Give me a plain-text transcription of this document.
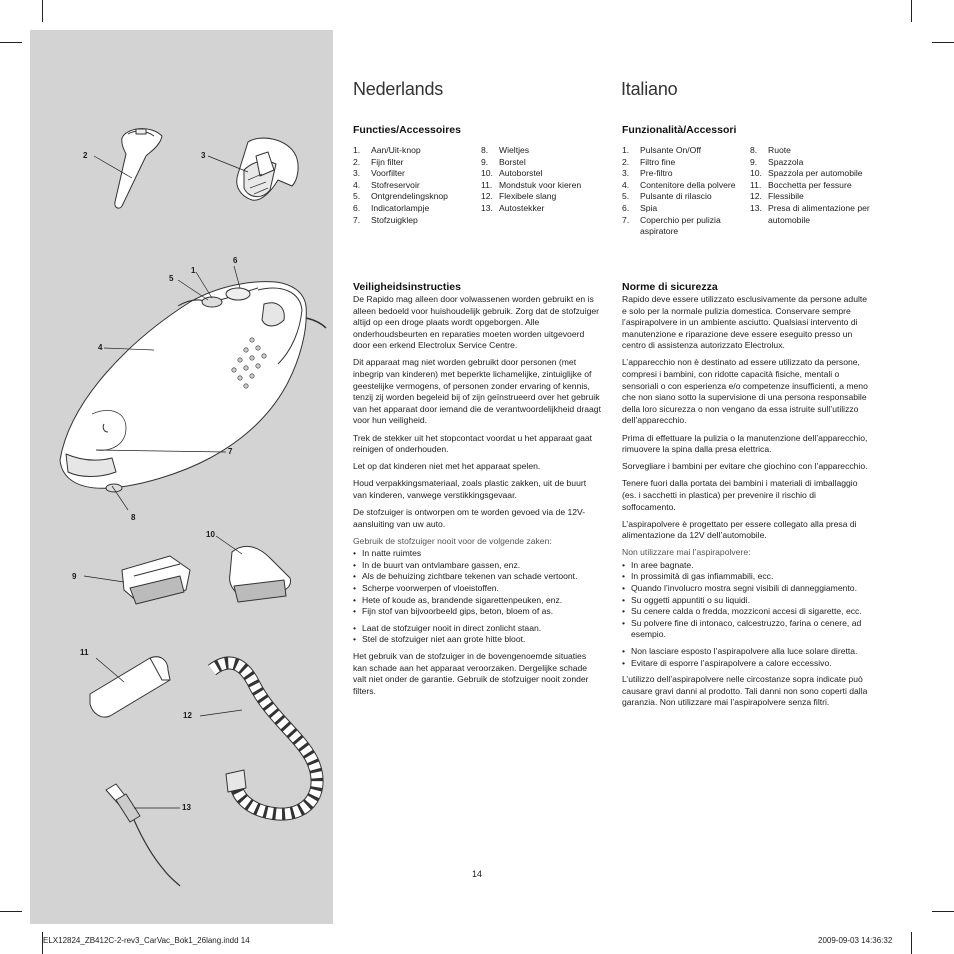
2	3
6
1
5
4
7
8
10
9
11
12
13
Nederlands
Functies/Accessoires
1.	Aan/Uit-knop
2.	Fijn filter
3.	Voorfilter
4.	Stofreservoir
5.	Ontgrendelingsknop
6.	Indicatorlampje
7.	Stofzuigklep
8.	Wieltjes
9.	Borstel
10. Autoborstel
11. Mondstuk voor kieren
12. Flexibele slang
13. Autostekker
Veiligheidsinstructies

De Rapido mag alleen door volwassenen worden gebruikt en is alleen bedoeld voor huishoudelijk gebruik. Zorg dat de stofzuiger altijd op een droge plaats wordt opgeborgen. Alle onderhoudsbeurten en reparaties moeten worden uitgevoerd door een erkend Electrolux Service Centre.

Dit apparaat mag niet worden gebruikt door personen (met inbegrip van kinderen) met beperkte lichamelijke, zintuiglijke of geestelijke vermogens, of personen zonder ervaring of kennis, tenzij zij worden begeleid bij of zijn geïnstrueerd over het gebruik van het apparaat door iemand die de verantwoordelijkheid draagt voor hun veiligheid.

Trek de stekker uit het stopcontact voordat u het apparaat gaat reinigen of onderhouden.

Let op dat kinderen niet met het apparaat spelen.

Houd verpakkingsmateriaal, zoals plastic zakken, uit de buurt van kinderen, vanwege verstikkingsgevaar.

De stofzuiger is ontworpen om te worden gevoed via de 12V-aansluiting van uw auto.

Gebruik de stofzuiger nooit voor de volgende zaken:

• In natte ruimtes
• In de buurt van ontvlambare gassen, enz.
• Als de behuizing zichtbare tekenen van schade vertoont.
• Scherpe voorwerpen of vloeistoffen.
• Hete of koude as, brandende sigarettenpeuken, enz.
• Fijn stof van bijvoorbeeld gips, beton, bloem of as.
• Laat de stofzuiger nooit in direct zonlicht staan.
• Stel de stofzuiger niet aan grote hitte bloot.

Het gebruik van de stofzuiger in de bovengenoemde situaties kan schade aan het apparaat veroorzaken. Dergelijke schade valt niet onder de garantie. Gebruik de stofzuiger nooit zonder filters.

Italiano
Funzionalità/Accessori
1.	Pulsante On/Off
2.	Filtro fine
3.	Pre-filtro
4.	Contenitore della polvere
5.	Pulsante di rilascio
6.	Spia
7.	Coperchio per pulizia aspiratore
8.	Ruote
9.	Spazzola
10. Spazzola per automobile
11. Bocchetta per fessure
12. Flessibile
13. Presa di alimentazione per automobile
Norme di sicurezza

Rapido deve essere utilizzato esclusivamente da persone adulte e solo per la normale pulizia domestica. Conservare sempre l’aspirapolvere in un ambiente asciutto. Qualsiasi intervento di manutenzione e riparazione deve essere eseguito presso un centro di assistenza autorizzato Electrolux.

L’apparecchio non è destinato ad essere utilizzato da persone, compresi i bambini, con ridotte capacità fisiche, mentali o sensoriali o con esperienza e/o competenze insufficienti, a meno che non siano sotto la supervisione di una persona responsabile della loro sicurezza o non vengano da essa istruite sull’utilizzo dell’apparecchio.

Prima di effettuare la pulizia o la manutenzione dell’apparecchio, rimuovere la spina dalla presa elettrica.

Sorvegliare i bambini per evitare che giochino con l’apparecchio.

Tenere fuori dalla portata dei bambini i materiali di imballaggio (es. i sacchetti in plastica) per prevenire il rischio di soffocamento.

L’aspirapolvere è progettato per essere collegato alla presa di alimentazione da 12V dell’automobile.

Non utilizzare mai l’aspirapolvere:

• In aree bagnate.
• In prossimità di gas infiammabili, ecc.
• Quando l’involucro mostra segni visibili di danneggiamento.
• Su oggetti appuntiti o su liquidi.
• Su cenere calda o fredda, mozziconi accesi di sigarette, ecc.
• Su polvere fine di intonaco, calcestruzzo, farina o cenere, ad esempio.
• Non lasciare esposto l’aspirapolvere alla luce solare diretta.
• Evitare di esporre l’aspirapolvere a calore eccessivo.

L’utilizzo dell’aspirapolvere nelle circostanze sopra indicate può causare gravi danni al prodotto. Tali danni non sono coperti dalla garanzia. Non utilizzare mai l’aspirapolvere senza filtri.

14
ELX12824_ZB412C-2-rev3_CarVac_Bok1_26lang.indd 14	2009-09-03 14:36:32
